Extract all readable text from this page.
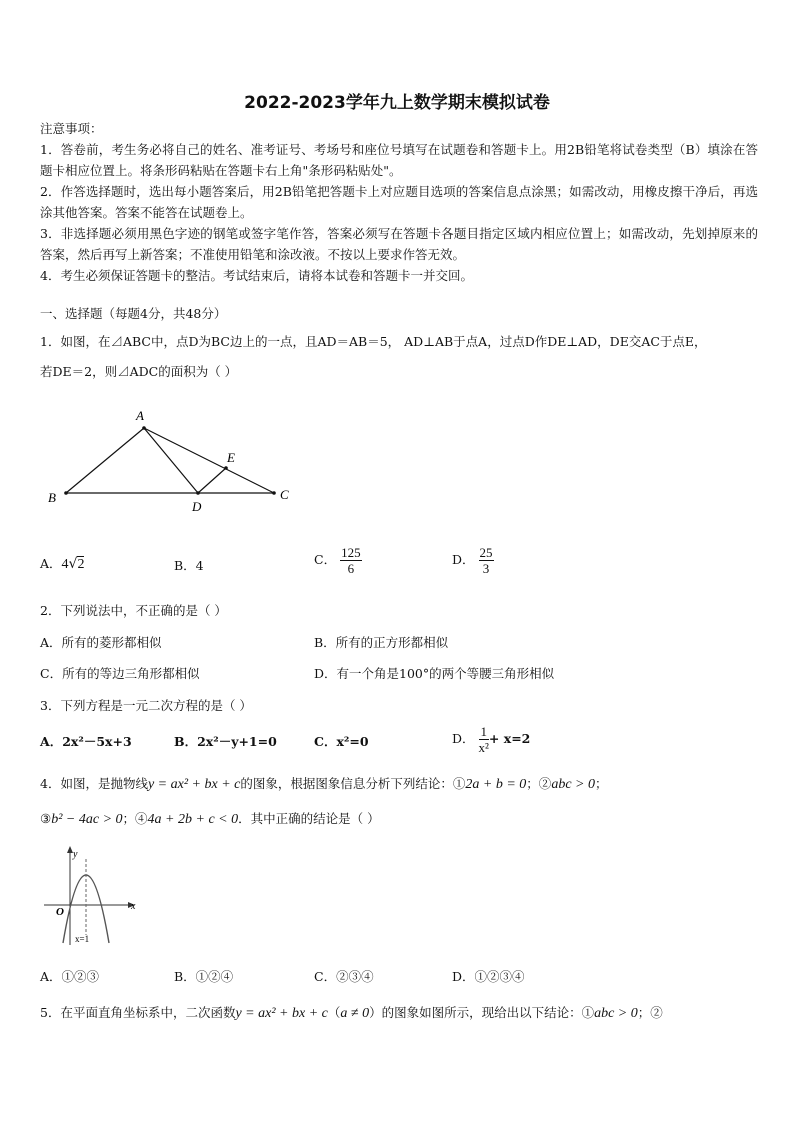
2022-2023学年九上数学期末模拟试卷

注意事项：

1．答卷前，考生务必将自己的姓名、准考证号、考场号和座位号填写在试题卷和答题卡上。用2B铅笔将试卷类型（B）填涂在答题卡相应位置上。将条形码粘贴在答题卡右上角"条形码粘贴处"。

2．作答选择题时，选出每小题答案后，用2B铅笔把答题卡上对应题目选项的答案信息点涂黑；如需改动，用橡皮擦干净后，再选涂其他答案。答案不能答在试题卷上。

3．非选择题必须用黑色字迹的钢笔或签字笔作答，答案必须写在答题卡各题目指定区域内相应位置上；如需改动，先划掉原来的答案，然后再写上新答案；不准使用铅笔和涂改液。不按以上要求作答无效。

4．考生必须保证答题卡的整洁。考试结束后，请将本试卷和答题卡一并交回。

一、选择题（每题4分，共48分）
1．如图，在⊿ABC中，点D为BC边上的一点，且AD＝AB＝5， AD⊥AB于点A，过点D作DE⊥AD，DE交AC于点E，
若DE＝2，则⊿ADC的面积为（ ）
A
B	C
D
E
A．4√2	B．4	C． $\frac{125}{6}$	D． $\frac{25}{3}$
2．下列说法中，不正确的是（ ）
A．所有的菱形都相似	B．所有的正方形都相似
C．所有的等边三角形都相似	D．有一个角是100°的两个等腰三角形相似
3．下列方程是一元二次方程的是（ ）
A．2x²－5x+3	B．2x²－y+1=0	C．x²=0	D． $\frac{1}{\text{x²}} + x=2$
4．如图，是抛物线y = ax² + bx + c的图象，根据图象信息分析下列结论：①2a + b = 0；②abc > 0；
③b² − 4ac > 0；④4a + 2b + c < 0．其中正确的结论是（ ）
y
x
O
x=1
A．①②③	B．①②④	C．②③④	D．①②③④
5．在平面直角坐标系中，二次函数y = ax² + bx + c（a ≠ 0）的图象如图所示，现给出以下结论：①abc > 0；②
